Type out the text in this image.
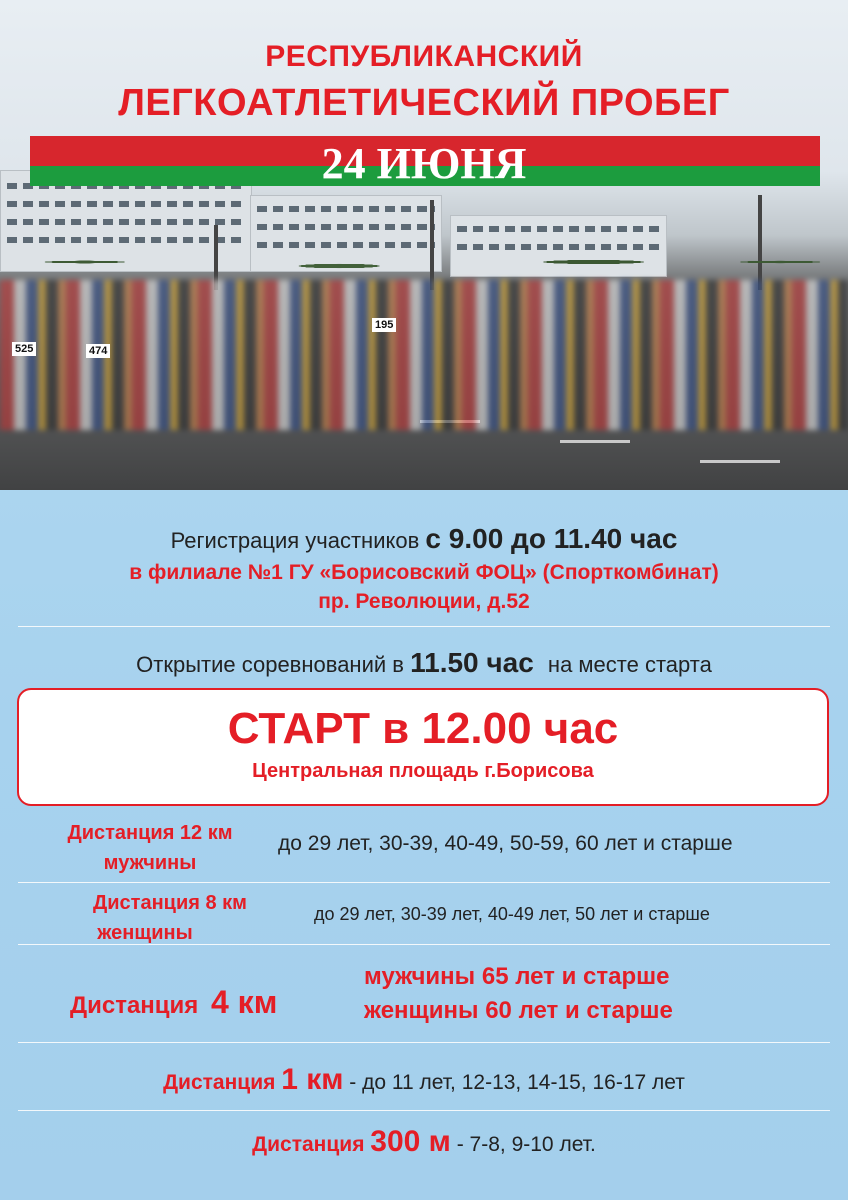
525	474
195
РЕСПУБЛИКАНСКИЙ
ЛЕГКОАТЛЕТИЧЕСКИЙ ПРОБЕГ
24 ИЮНЯ
Регистрация участников с 9.00 до 11.40 час
в филиале №1 ГУ «Борисовский ФОЦ» (Спорткомбинат)
пр. Революции, д.52
Открытие соревнований в 11.50 час на месте старта
СТАРТ в 12.00 час
Центральная площадь г.Борисова
Дистанция 12 км
мужчины
до 29 лет, 30-39, 40-49, 50-59, 60 лет и старше
Дистанция 8 км
женщины
до 29 лет, 30-39 лет, 40-49 лет, 50 лет и старше
Дистанция 4 км
мужчины 65 лет и старше
женщины 60 лет и старше
Дистанция 1 км - до 11 лет, 12-13, 14-15, 16-17 лет
Дистанция 300 м - 7-8, 9-10 лет.
